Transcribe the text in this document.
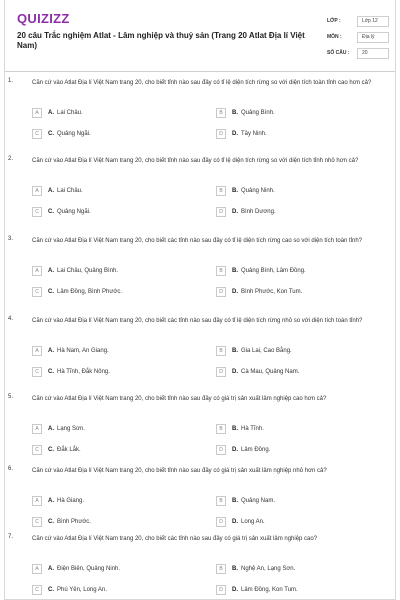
QUIZIZZ
20 câu Trắc nghiệm Atlat - Lâm nghiệp và thuỷ sản (Trang 20 Atlat Địa lí Việt Nam)
LỚP :	Lớp 12
MÔN :	Địa lý
SỐ CÂU :	20
1.	Căn cứ vào Atlat Địa lí Việt Nam trang 20, cho biết tỉnh nào sau đây có tỉ lệ diện tích rừng so với diện tích toàn tỉnh cao hơn cả?
A	A. Lai Châu.	B	B. Quảng Bình.
C	C. Quảng Ngãi.	D	D. Tây Ninh.
2.	Căn cứ vào Atlat Địa lí Việt Nam trang 20, cho biết tỉnh nào sau đây có tỉ lệ diện tích rừng so với diện tích tỉnh nhỏ hơn cả?
A	A. Lai Châu.	B	B. Quảng Ninh.
C	C. Quảng Ngãi.	D	D. Bình Dương.
3.	Căn cứ vào Atlat Địa lí Việt Nam trang 20, cho biết các tỉnh nào sau đây có tỉ lệ diện tích rừng cao so với diện tích toàn tỉnh?
A	A. Lai Châu, Quảng Bình.	B	B. Quảng Bình, Lâm Đồng.
C	C. Lâm Đồng, Bình Phước.	D	D. Bình Phước, Kon Tum.
4.	Căn cứ vào Atlat Địa lí Việt Nam trang 20, cho biết các tỉnh nào sau đây có tỉ lệ diện tích rừng nhỏ so với diện tích toàn tỉnh?
A	A. Hà Nam, An Giang.	B	B. Gia Lai, Cao Bằng.
C	C. Hà Tĩnh, Đắk Nông.	D	D. Cà Mau, Quảng Nam.
5.	Căn cứ vào Atlat Địa lí Việt Nam trang 20, cho biết tỉnh nào sau đây có giá trị sản xuất lâm nghiệp cao hơn cả?
A	A. Lạng Sơn.	B	B. Hà Tĩnh.
C	C. Đắk Lắk.	D	D. Lâm Đồng.
6.	Căn cứ vào Atlat Địa lí Việt Nam trang 20, cho biết tỉnh nào sau đây có giá trị sản xuất lâm nghiệp nhỏ hơn cả?
A	A. Hà Giang.	B	B. Quảng Nam.
C	C. Bình Phước.	D	D. Long An.
7.	Căn cứ vào Atlat Địa lí Việt Nam trang 20, cho biết các tỉnh nào sau đây có giá trị sản xuất lâm nghiệp cao?
A	A. Điện Biên, Quảng Ninh.	B	B. Nghệ An, Lạng Sơn.
C	C. Phú Yên, Long An.	D	D. Lâm Đồng, Kon Tum.
